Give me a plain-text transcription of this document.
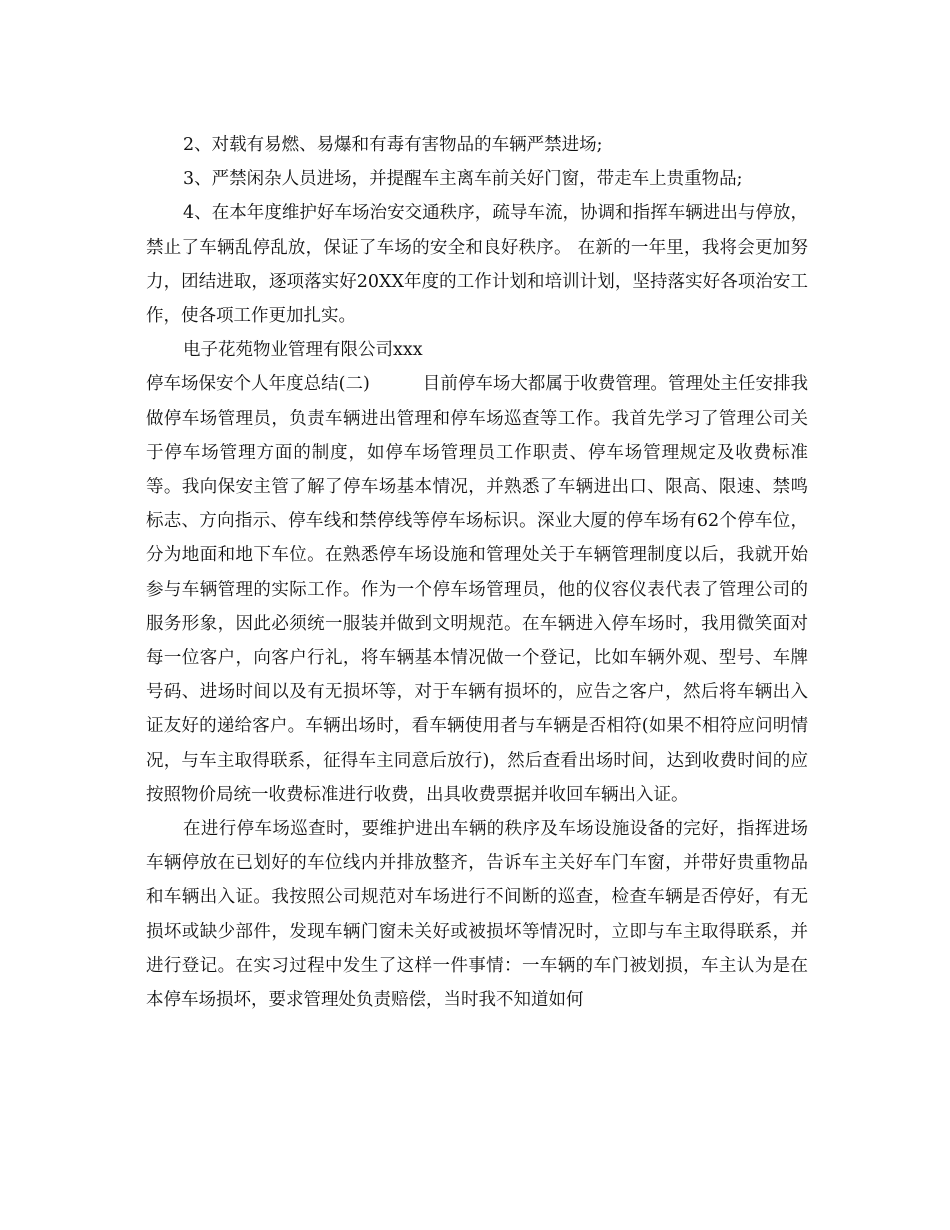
2、对载有易燃、易爆和有毒有害物品的车辆严禁进场;

3、严禁闲杂人员进场，并提醒车主离车前关好门窗，带走车上贵重物品;

4、在本年度维护好车场治安交通秩序，疏导车流，协调和指挥车辆进出与停放，禁止了车辆乱停乱放，保证了车场的安全和良好秩序。 在新的一年里，我将会更加努力，团结进取，逐项落实好20XX年度的工作计划和培训计划，坚持落实好各项治安工作，使各项工作更加扎实。

电子花苑物业管理有限公司xxx

停车场保安个人年度总结(二)	目前停车场大都属于收费管理。管理处主任安排我做停车场管理员，负责车辆进出管理和停车场巡查等工作。我首先学习了管理公司关于停车场管理方面的制度，如停车场管理员工作职责、停车场管理规定及收费标准等。我向保安主管了解了停车场基本情况，并熟悉了车辆进出口、限高、限速、禁鸣标志、方向指示、停车线和禁停线等停车场标识。深业大厦的停车场有62个停车位，分为地面和地下车位。在熟悉停车场设施和管理处关于车辆管理制度以后，我就开始参与车辆管理的实际工作。作为一个停车场管理员，他的仪容仪表代表了管理公司的服务形象，因此必须统一服装并做到文明规范。在车辆进入停车场时，我用微笑面对每一位客户，向客户行礼，将车辆基本情况做一个登记，比如车辆外观、型号、车牌号码、进场时间以及有无损坏等，对于车辆有损坏的，应告之客户，然后将车辆出入证友好的递给客户。车辆出场时，看车辆使用者与车辆是否相符(如果不相符应问明情况，与车主取得联系，征得车主同意后放行)，然后查看出场时间，达到收费时间的应按照物价局统一收费标准进行收费，出具收费票据并收回车辆出入证。

在进行停车场巡查时，要维护进出车辆的秩序及车场设施设备的完好，指挥进场车辆停放在已划好的车位线内并排放整齐，告诉车主关好车门车窗，并带好贵重物品和车辆出入证。我按照公司规范对车场进行不间断的巡查，检查车辆是否停好，有无损坏或缺少部件，发现车辆门窗未关好或被损坏等情况时，立即与车主取得联系，并进行登记。在实习过程中发生了这样一件事情：一车辆的车门被划损，车主认为是在本停车场损坏，要求管理处负责赔偿，当时我不知道如何
